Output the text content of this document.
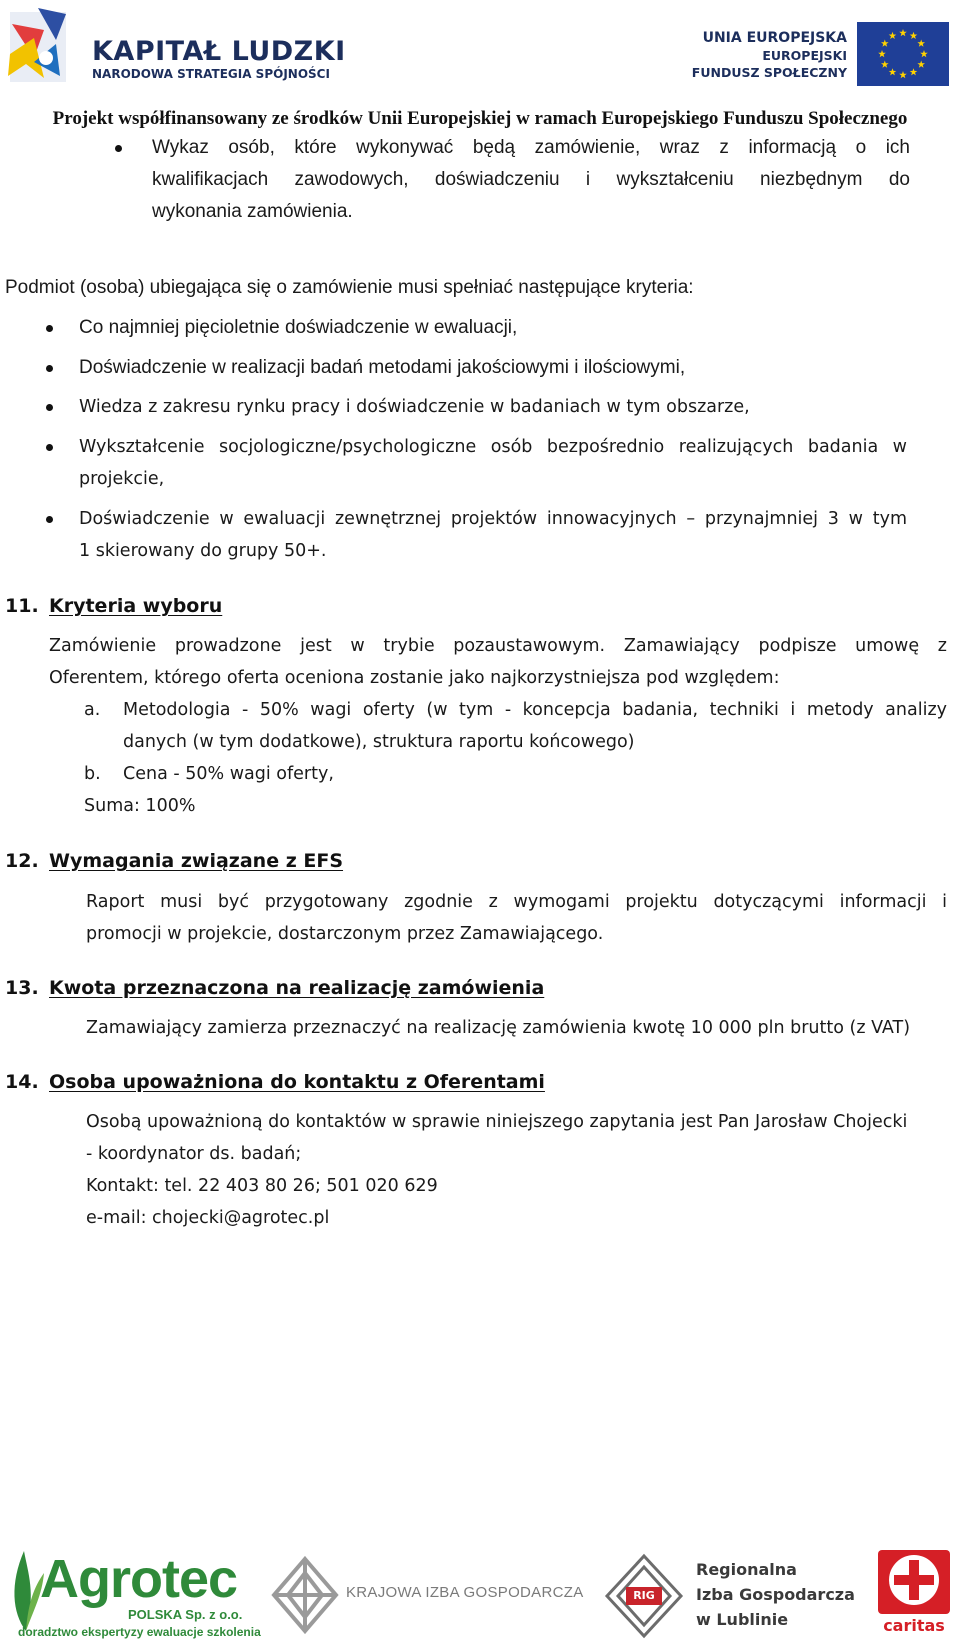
KAPITAŁ LUDZKI
NARODOWA STRATEGIA SPÓJNOŚCI
UNIA EUROPEJSKA
EUROPEJSKI
FUNDUSZ SPOŁECZNY
Projekt współfinansowany ze środków Unii Europejskiej w ramach Europejskiego Funduszu Społecznego
Wykaz osób, które wykonywać będą zamówienie, wraz z informacją o ich
kwalifikacjach zawodowych, doświadczeniu i wykształceniu niezbędnym do
wykonania zamówienia.
Podmiot (osoba) ubiegająca się o zamówienie musi spełniać następujące kryteria:
Co najmniej pięcioletnie doświadczenie w ewaluacji,
Doświadczenie w realizacji badań metodami jakościowymi i ilościowymi,
Wiedza z zakresu rynku pracy i doświadczenie w badaniach w tym obszarze,
Wykształcenie socjologiczne/psychologiczne osób bezpośrednio realizujących badania w
projekcie,
Doświadczenie w ewaluacji zewnętrznej projektów innowacyjnych – przynajmniej 3 w tym
1 skierowany do grupy 50+.
11. Kryteria wyboru
Zamówienie prowadzone jest w trybie pozaustawowym. Zamawiający podpisze umowę z
Oferentem, którego oferta oceniona zostanie jako najkorzystniejsza pod względem:
a. Metodologia - 50% wagi oferty (w tym - koncepcja badania, techniki i metody analizy
danych (w tym dodatkowe), struktura raportu końcowego)
b. Cena - 50% wagi oferty,
Suma: 100%
12. Wymagania związane z EFS
Raport musi być przygotowany zgodnie z wymogami projektu dotyczącymi informacji i
promocji w projekcie, dostarczonym przez Zamawiającego.
13. Kwota przeznaczona na realizację zamówienia
Zamawiający zamierza przeznaczyć na realizację zamówienia kwotę 10 000 pln brutto (z VAT)
14. Osoba upoważniona do kontaktu z Oferentami
Osobą upoważnioną do kontaktów w sprawie niniejszego zapytania jest Pan Jarosław Chojecki
- koordynator ds. badań;
Kontakt: tel. 22 403 80 26; 501 020 629
e-mail: chojecki@agrotec.pl
Agrotec
POLSKA Sp. z o.o.
doradztwo ekspertyzy ewaluacje szkolenia
KRAJOWA IZBA GOSPODARCZA	RIG
Regionalna
Izba Gospodarcza
w Lublinie
CARITAS
caritas
